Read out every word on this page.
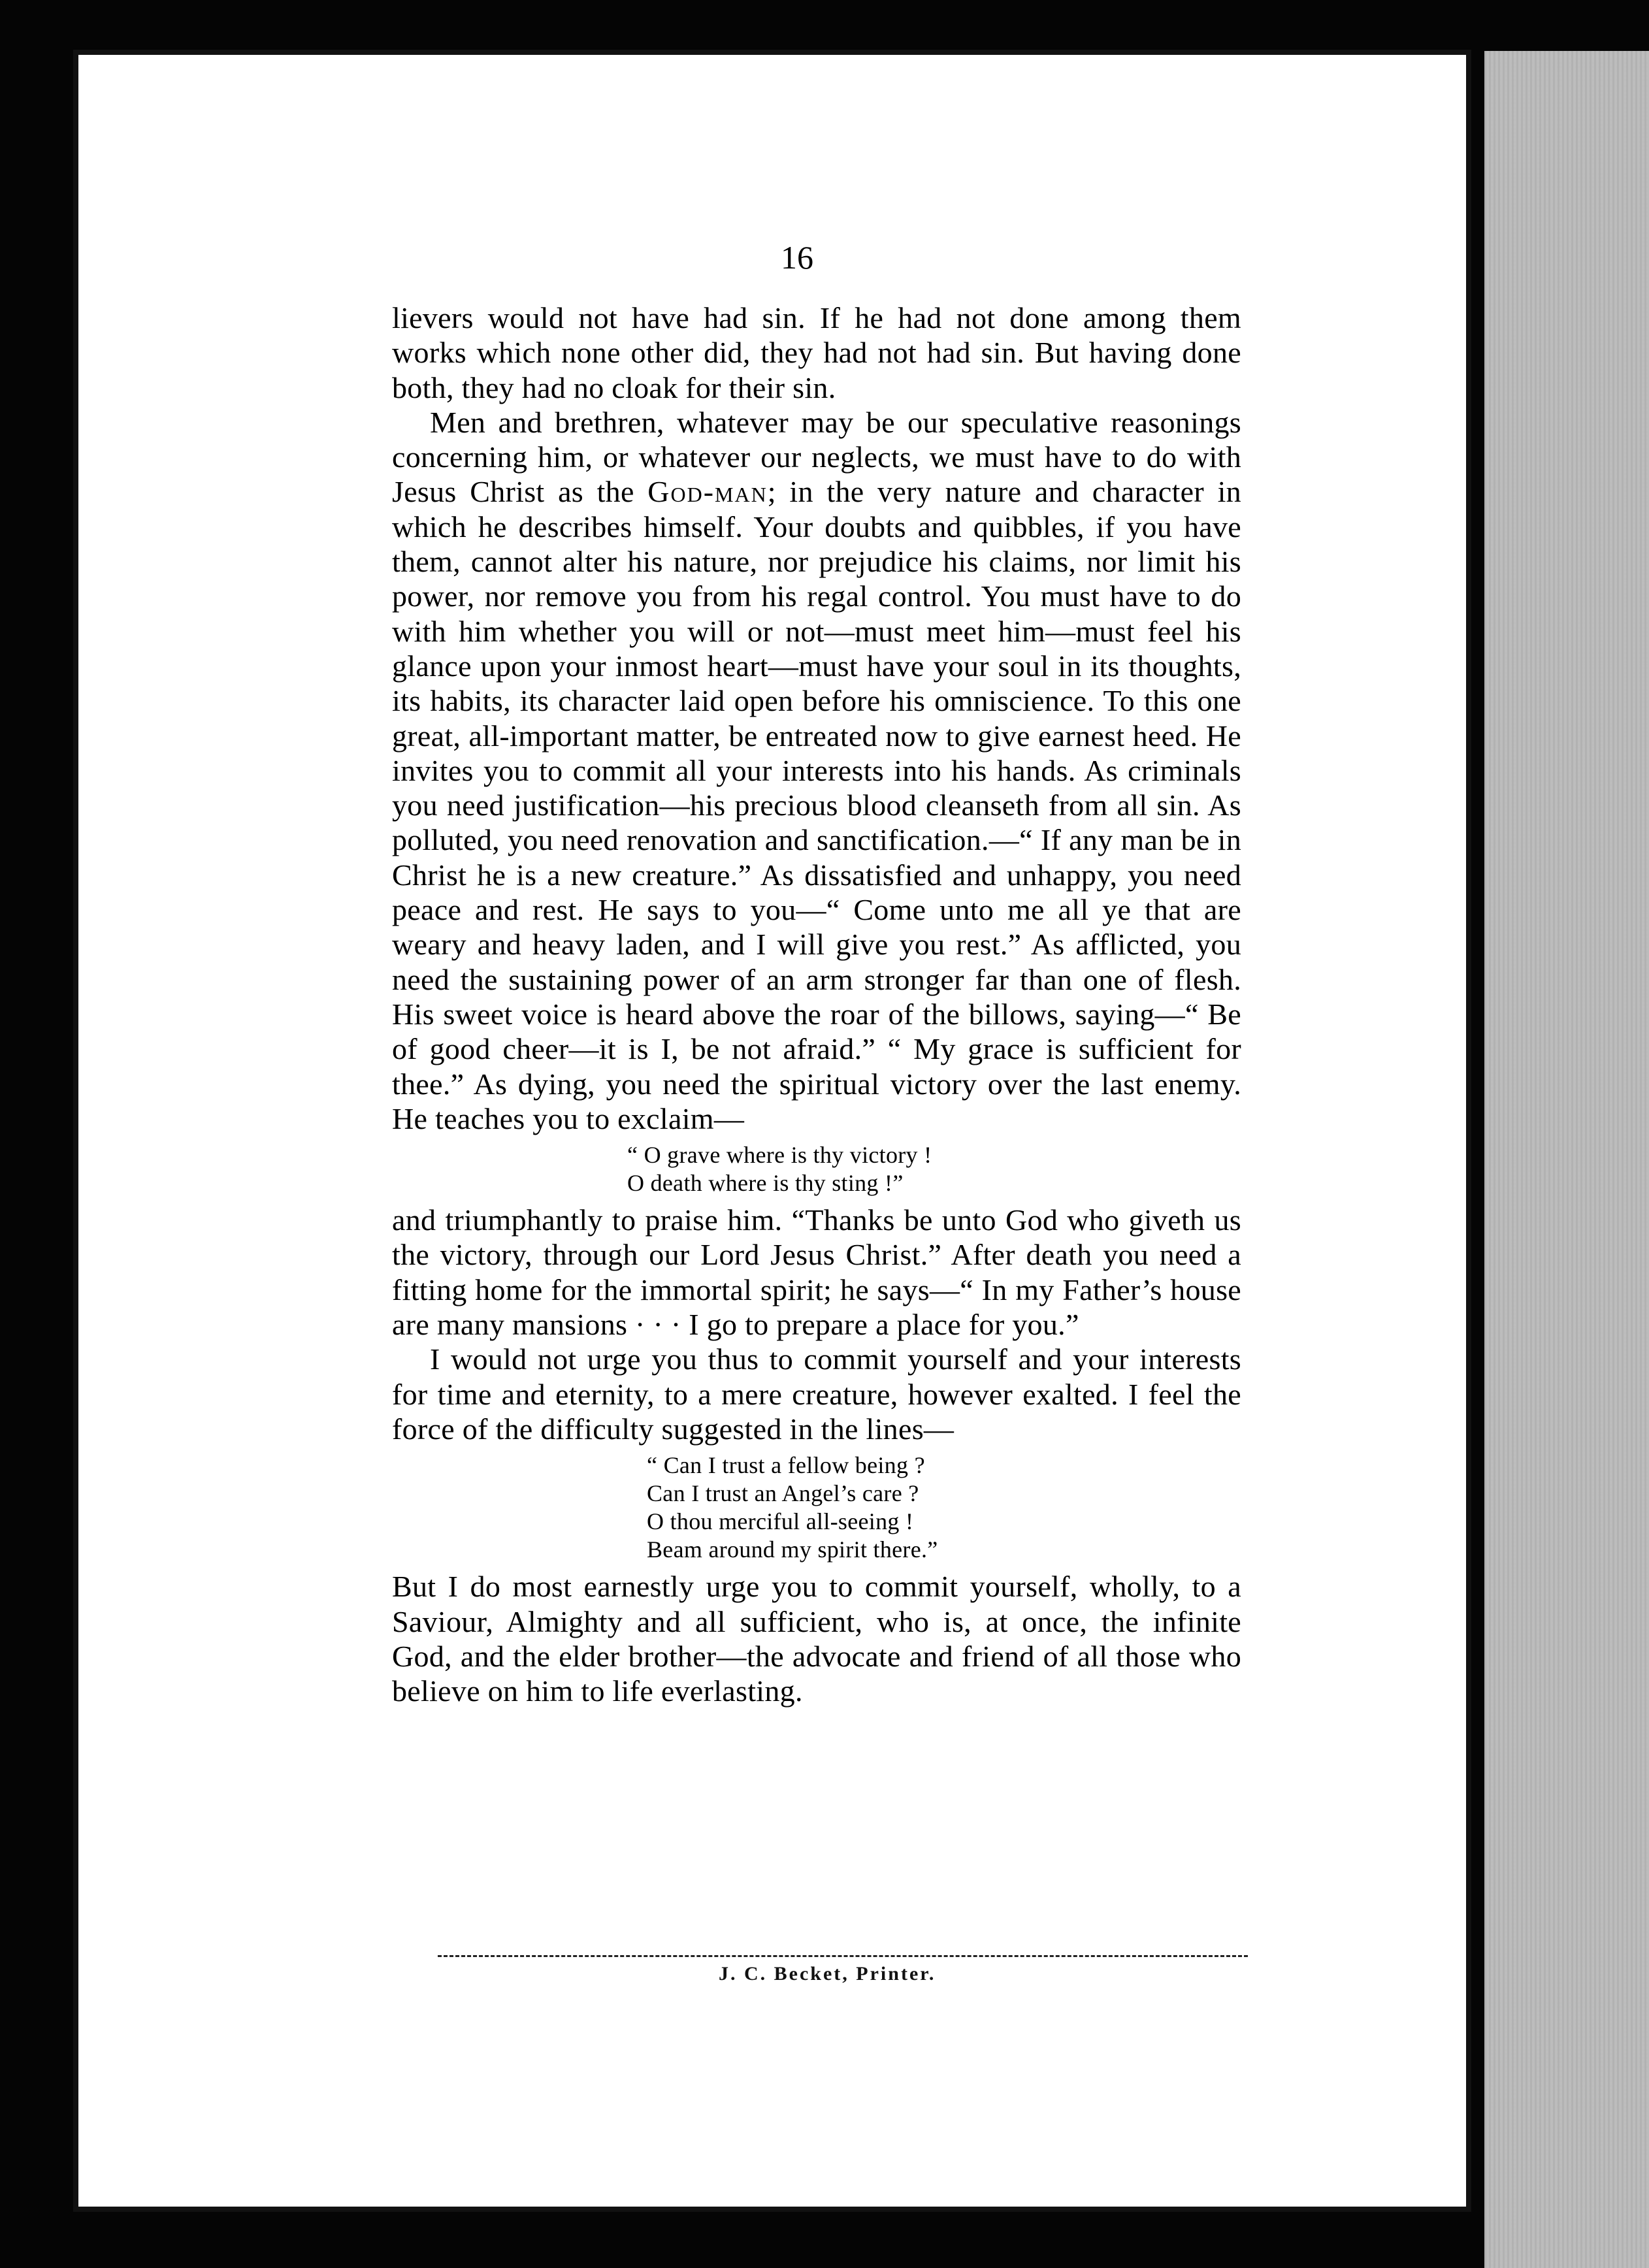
16

lievers would not have had sin. If he had not done among them works which none other did, they had not had sin. But having done both, they had no cloak for their sin.

Men and brethren, whatever may be our speculative reasonings concerning him, or whatever our neglects, we must have to do with Jesus Christ as the God-man; in the very nature and character in which he describes himself. Your doubts and quibbles, if you have them, cannot alter his nature, nor prejudice his claims, nor limit his power, nor remove you from his regal control. You must have to do with him whether you will or not—must meet him—must feel his glance upon your inmost heart—must have your soul in its thoughts, its habits, its character laid open before his omniscience. To this one great, all-important matter, be entreated now to give earnest heed. He invites you to commit all your interests into his hands. As criminals you need justification—his precious blood cleanseth from all sin. As polluted, you need renovation and sanctification.—“ If any man be in Christ he is a new creature.” As dissatisfied and unhappy, you need peace and rest. He says to you—“ Come unto me all ye that are weary and heavy laden, and I will give you rest.” As afflicted, you need the sustaining power of an arm stronger far than one of flesh. His sweet voice is heard above the roar of the billows, saying—“ Be of good cheer—it is I, be not afraid.” “ My grace is sufficient for thee.” As dying, you need the spiritual victory over the last enemy. He teaches you to exclaim—

“ O grave where is thy victory !
O death where is thy sting !”

and triumphantly to praise him. “Thanks be unto God who giveth us the victory, through our Lord Jesus Christ.” After death you need a fitting home for the immortal spirit; he says—“ In my Father’s house are many mansions · · · I go to prepare a place for you.”

I would not urge you thus to commit yourself and your interests for time and eternity, to a mere creature, however exalted. I feel the force of the difficulty suggested in the lines—

“ Can I trust a fellow being ?
Can I trust an Angel’s care ?
O thou merciful all-seeing !
Beam around my spirit there.”

But I do most earnestly urge you to commit yourself, wholly, to a Saviour, Almighty and all sufficient, who is, at once, the infinite God, and the elder brother—the advocate and friend of all those who believe on him to life everlasting.

J. C. Becket, Printer.
